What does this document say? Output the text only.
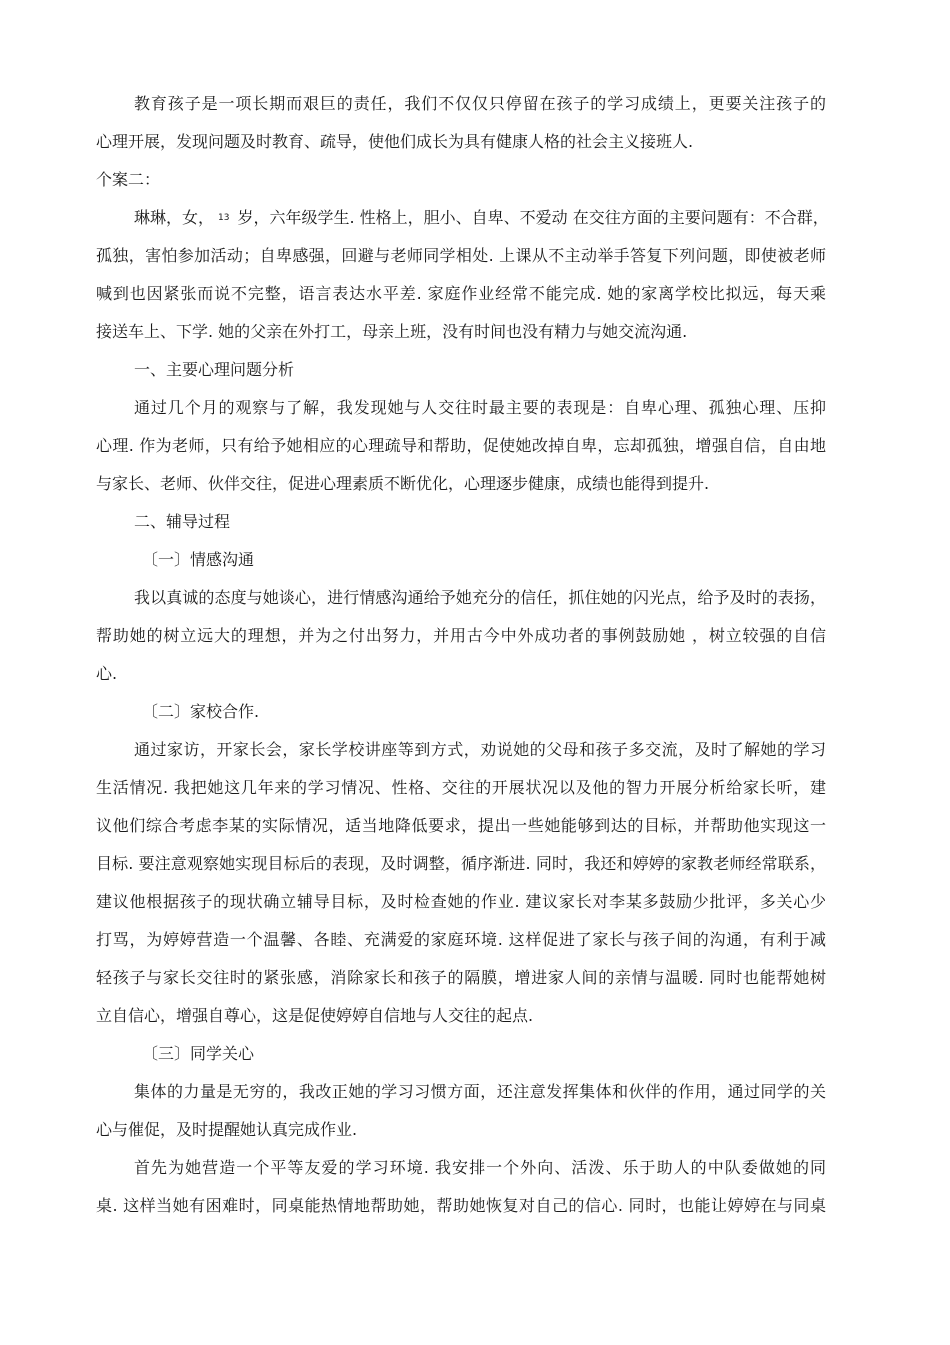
教育孩子是一项长期而艰巨的责任，我们不仅仅只停留在孩子的学习成绩上，更要关注孩子的
心理开展，发现问题及时教育、疏导，使他们成长为具有健康人格的社会主义接班人.
个案二：
琳琳，女， 13 岁，六年级学生. 性格上，胆小、自卑、不爱动 在交往方面的主要问题有：不合群，
孤独，害怕参加活动；自卑感强，回避与老师同学相处. 上课从不主动举手答复下列问题，即使被老师
喊到也因紧张而说不完整，语言表达水平差. 家庭作业经常不能完成. 她的家离学校比拟远，每天乘
接送车上、下学. 她的父亲在外打工，母亲上班，没有时间也没有精力与她交流沟通.
一、主要心理问题分析
通过几个月的观察与了解，我发现她与人交往时最主要的表现是：自卑心理、孤独心理、压抑
心理. 作为老师，只有给予她相应的心理疏导和帮助，促使她改掉自卑，忘却孤独，增强自信，自由地
与家长、老师、伙伴交往，促进心理素质不断优化，心理逐步健康，成绩也能得到提升.
二、辅导过程
〔一〕情感沟通
我以真诚的态度与她谈心，进行情感沟通给予她充分的信任，抓住她的闪光点，给予及时的表扬，
帮助她的树立远大的理想，并为之付出努力，并用古今中外成功者的事例鼓励她 ，树立较强的自信
心.
〔二〕家校合作.
通过家访，开家长会，家长学校讲座等到方式，劝说她的父母和孩子多交流，及时了解她的学习
生活情况. 我把她这几年来的学习情况、性格、交往的开展状况以及他的智力开展分析给家长听，建
议他们综合考虑李某的实际情况，适当地降低要求，提出一些她能够到达的目标，并帮助他实现这一
目标. 要注意观察她实现目标后的表现，及时调整，循序渐进. 同时，我还和婷婷的家教老师经常联系，
建议他根据孩子的现状确立辅导目标，及时检查她的作业. 建议家长对李某多鼓励少批评，多关心少
打骂，为婷婷营造一个温馨、各睦、充满爱的家庭环境. 这样促进了家长与孩子间的沟通，有利于减
轻孩子与家长交往时的紧张感，消除家长和孩子的隔膜，增进家人间的亲情与温暖. 同时也能帮她树
立自信心，增强自尊心，这是促使婷婷自信地与人交往的起点.
〔三〕同学关心
集体的力量是无穷的，我改正她的学习习惯方面，还注意发挥集体和伙伴的作用，通过同学的关
心与催促，及时提醒她认真完成作业.
首先为她营造一个平等友爱的学习环境. 我安排一个外向、活泼、乐于助人的中队委做她的同
桌. 这样当她有困难时，同桌能热情地帮助她，帮助她恢复对自己的信心. 同时，也能让婷婷在与同桌
